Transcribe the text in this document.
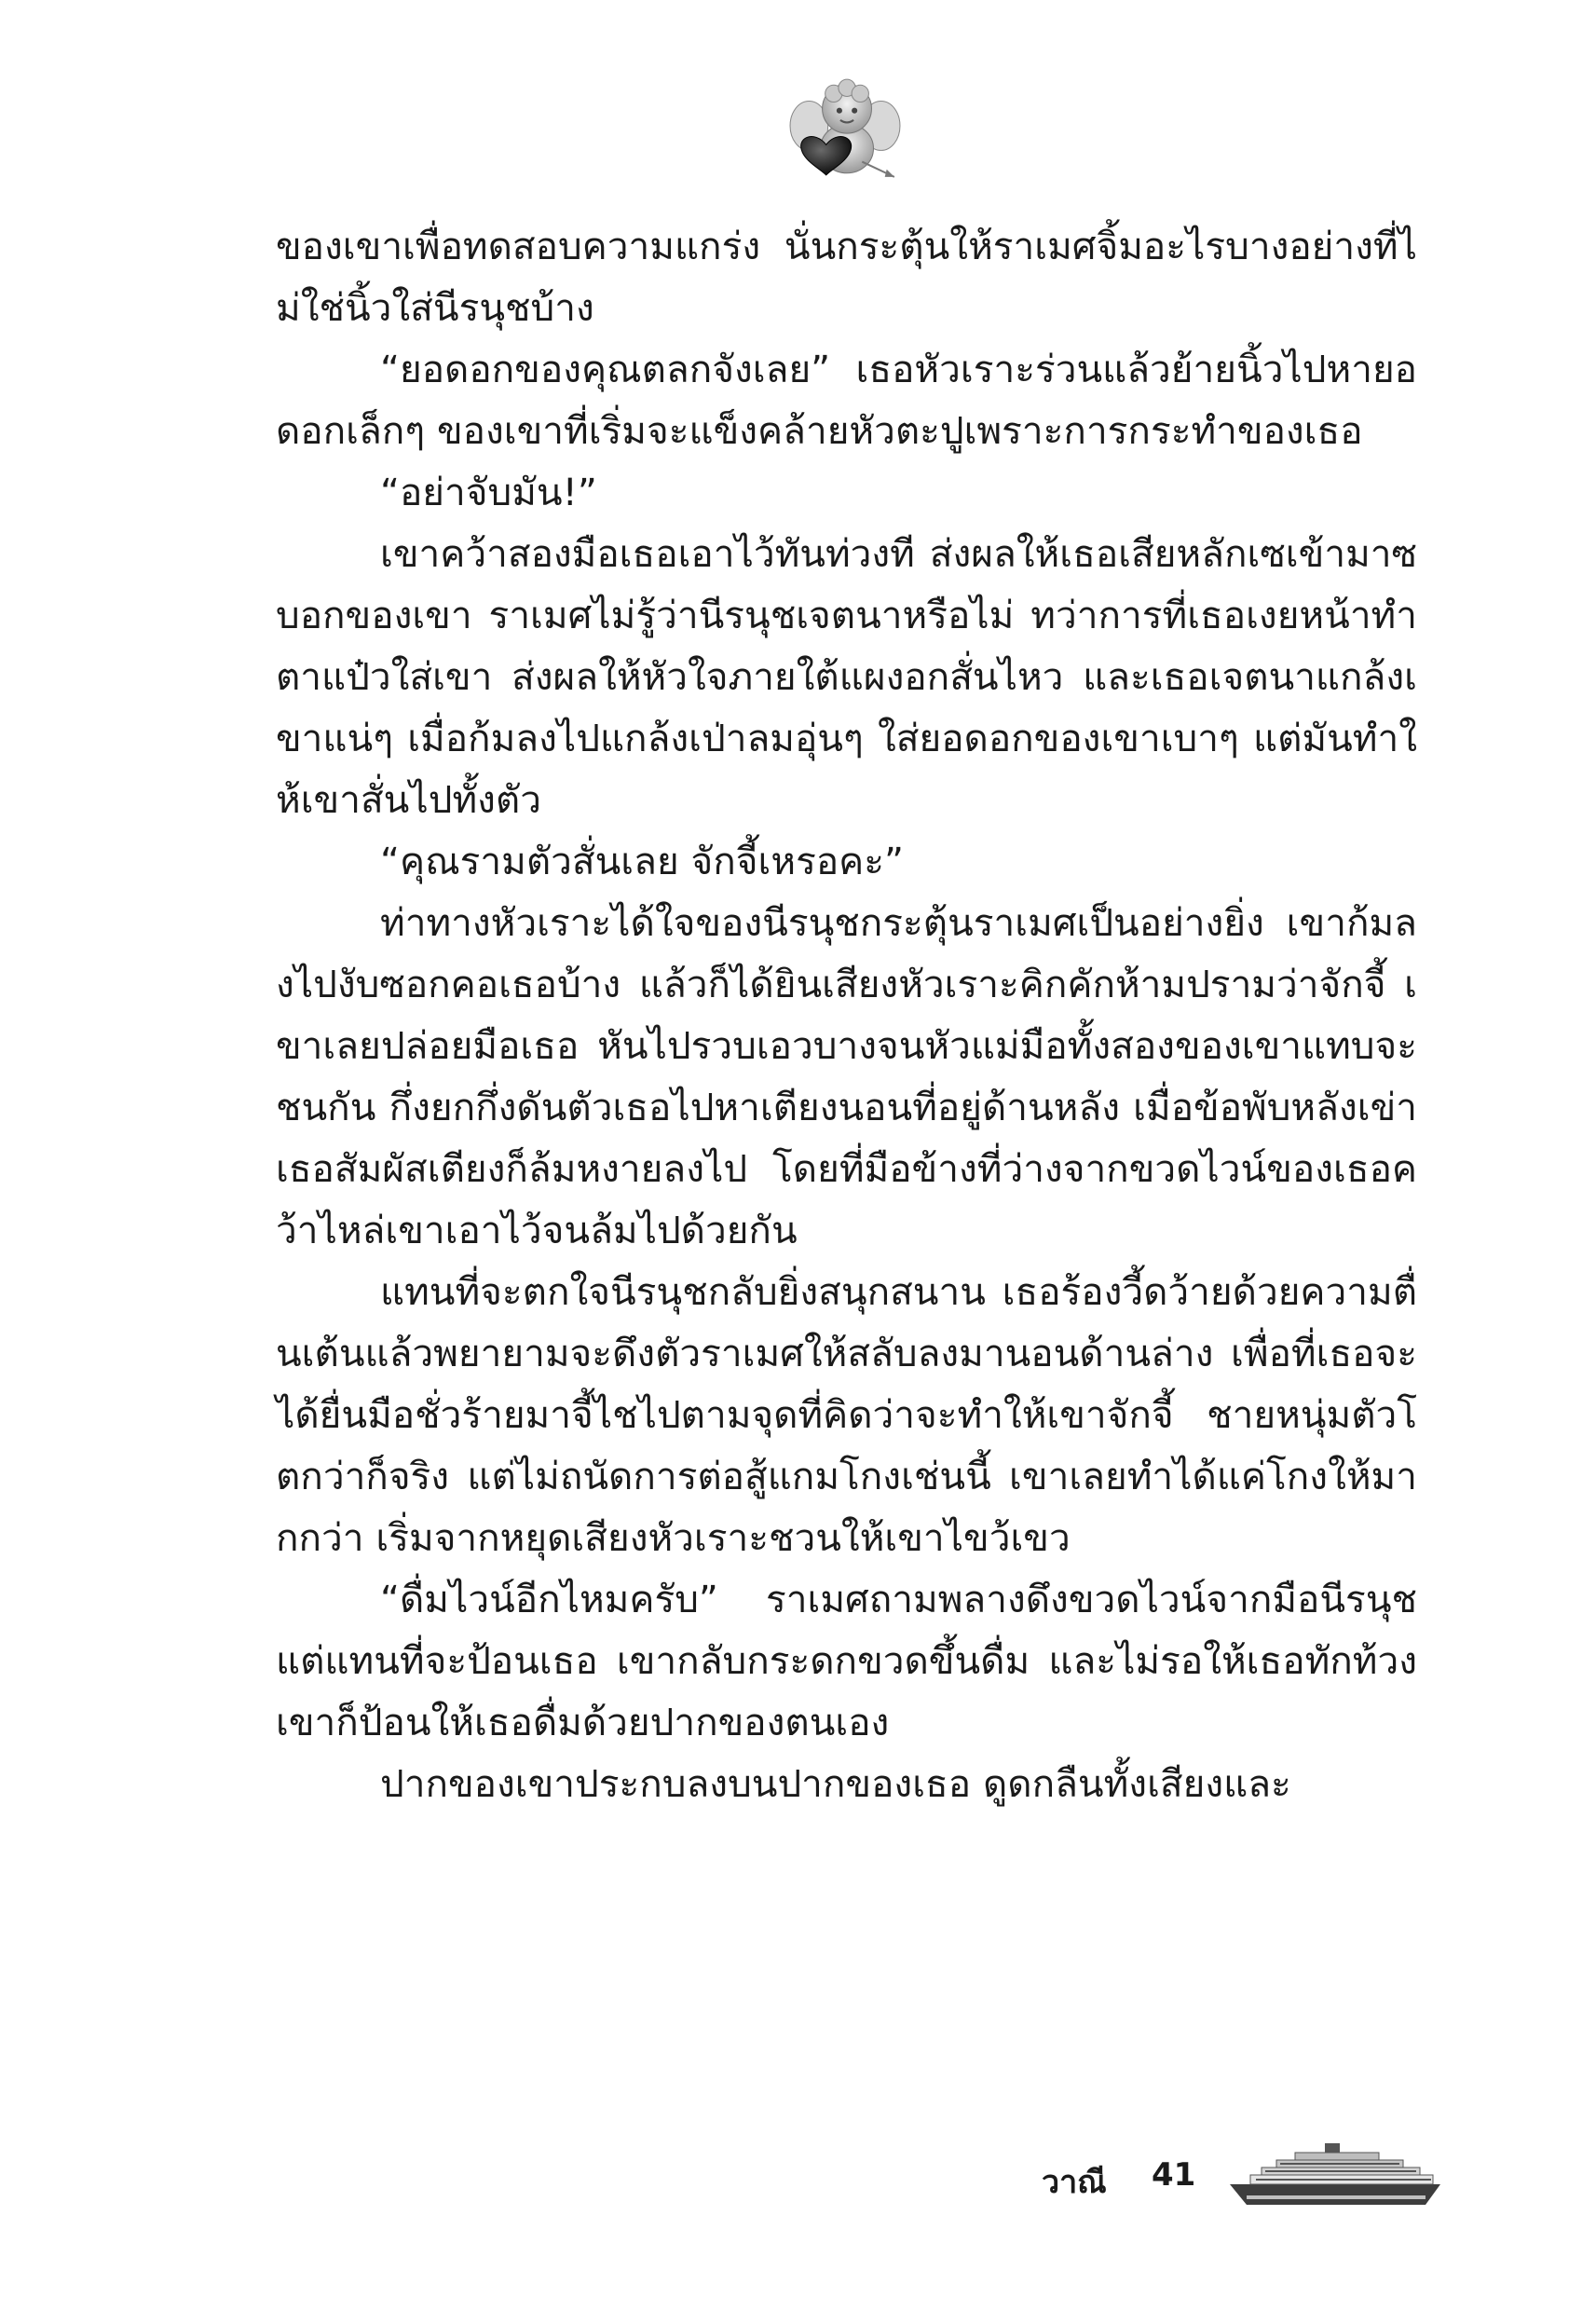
ของเขาเพื่อทดสอบความแกร่ง นั่นกระตุ้นให้ราเมศจิ้มอะไรบางอย่างที่ไม่ใช่นิ้วใส่นีรนุชบ้าง

“ยอดอกของคุณตลกจังเลย” เธอหัวเราะร่วนแล้วย้ายนิ้วไปหายอดอกเล็กๆ ของเขาที่เริ่มจะแข็งคล้ายหัวตะปูเพราะการกระทำของเธอ

“อย่าจับมัน!”

เขาคว้าสองมือเธอเอาไว้ทันท่วงที ส่งผลให้เธอเสียหลักเซเข้ามาซบอกของเขา ราเมศไม่รู้ว่านีรนุชเจตนาหรือไม่ ทว่าการที่เธอเงยหน้าทำตาแป๋วใส่เขา ส่งผลให้หัวใจภายใต้แผงอกสั่นไหว และเธอเจตนาแกล้งเขาแน่ๆ เมื่อก้มลงไปแกล้งเป่าลมอุ่นๆ ใส่ยอดอกของเขาเบาๆ แต่มันทำให้เขาสั่นไปทั้งตัว

“คุณรามตัวสั่นเลย จักจี้เหรอคะ”

ท่าทางหัวเราะได้ใจของนีรนุชกระตุ้นราเมศเป็นอย่างยิ่ง เขาก้มลงไปงับซอกคอเธอบ้าง แล้วก็ได้ยินเสียงหัวเราะคิกคักห้ามปรามว่าจักจี้ เขาเลยปล่อยมือเธอ หันไปรวบเอวบางจนหัวแม่มือทั้งสองของเขาแทบจะชนกัน กึ่งยกกึ่งดันตัวเธอไปหาเตียงนอนที่อยู่ด้านหลัง เมื่อข้อพับหลังเข่าเธอสัมผัสเตียงก็ล้มหงายลงไป โดยที่มือข้างที่ว่างจากขวดไวน์ของเธอคว้าไหล่เขาเอาไว้จนล้มไปด้วยกัน

แทนที่จะตกใจนีรนุชกลับยิ่งสนุกสนาน เธอร้องวี้ดว้ายด้วยความตื่นเต้นแล้วพยายามจะดึงตัวราเมศให้สลับลงมานอนด้านล่าง เพื่อที่เธอจะได้ยื่นมือชั่วร้ายมาจี้ไชไปตามจุดที่คิดว่าจะทำให้เขาจักจี้ ชายหนุ่มตัวโตกว่าก็จริง แต่ไม่ถนัดการต่อสู้แกมโกงเช่นนี้ เขาเลยทำได้แค่โกงให้มากกว่า เริ่มจากหยุดเสียงหัวเราะชวนให้เขาไขว้เขว

“ดื่มไวน์อีกไหมครับ” ราเมศถามพลางดึงขวดไวน์จากมือนีรนุช แต่แทนที่จะป้อนเธอ เขากลับกระดกขวดขึ้นดื่ม และไม่รอให้เธอทักท้วง เขาก็ป้อนให้เธอดื่มด้วยปากของตนเอง

ปากของเขาประกบลงบนปากของเธอ ดูดกลืนทั้งเสียงและ

วาณี 41
